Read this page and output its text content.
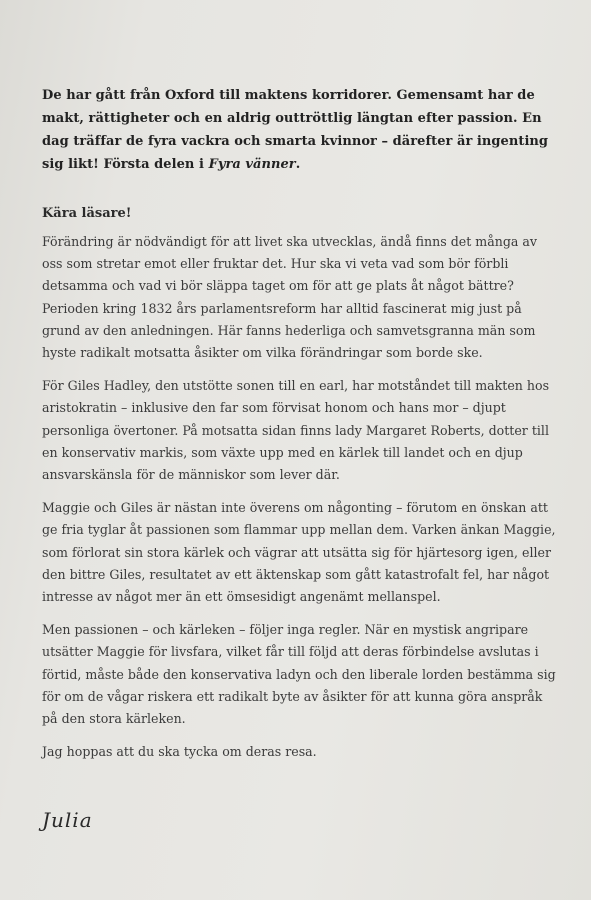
De har gått från Oxford till maktens korridorer. Gemensamt har de makt, rättigheter och en aldrig outtröttlig längtan efter passion. En dag träffar de fyra vackra och smarta kvinnor – därefter är ingenting sig likt! Första delen i Fyra vänner.

Kära läsare!

Förändring är nödvändigt för att livet ska utvecklas, ändå finns det många av oss som stretar emot eller fruktar det. Hur ska vi veta vad som bör förbli detsamma och vad vi bör släppa taget om för att ge plats åt något bättre? Perioden kring 1832 års parlamentsreform har alltid fascinerat mig just på grund av den anledningen. Här fanns hederliga och samvetsgranna män som hyste radikalt motsatta åsikter om vilka förändringar som borde ske.

För Giles Hadley, den utstötte sonen till en earl, har motståndet till makten hos aristokratin – inklusive den far som förvisat honom och hans mor – djupt personliga övertoner. På motsatta sidan finns lady Margaret Roberts, dotter till en konservativ markis, som växte upp med en kärlek till landet och en djup ansvarskänsla för de människor som lever där.

Maggie och Giles är nästan inte överens om någonting – förutom en önskan att ge fria tyglar åt passionen som flammar upp mellan dem. Varken änkan Maggie, som förlorat sin stora kärlek och vägrar att utsätta sig för hjärtesorg igen, eller den bittre Giles, resultatet av ett äktenskap som gått katastrofalt fel, har något intresse av något mer än ett ömsesidigt angenämt mellanspel.

Men passionen – och kärleken – följer inga regler. När en mystisk angripare utsätter Maggie för livsfara, vilket får till följd att deras förbindelse avslutas i förtid, måste både den konservativa ladyn och den liberale lorden bestämma sig för om de vågar riskera ett radikalt byte av åsikter för att kunna göra anspråk på den stora kärleken.

Jag hoppas att du ska tycka om deras resa.

Julia
